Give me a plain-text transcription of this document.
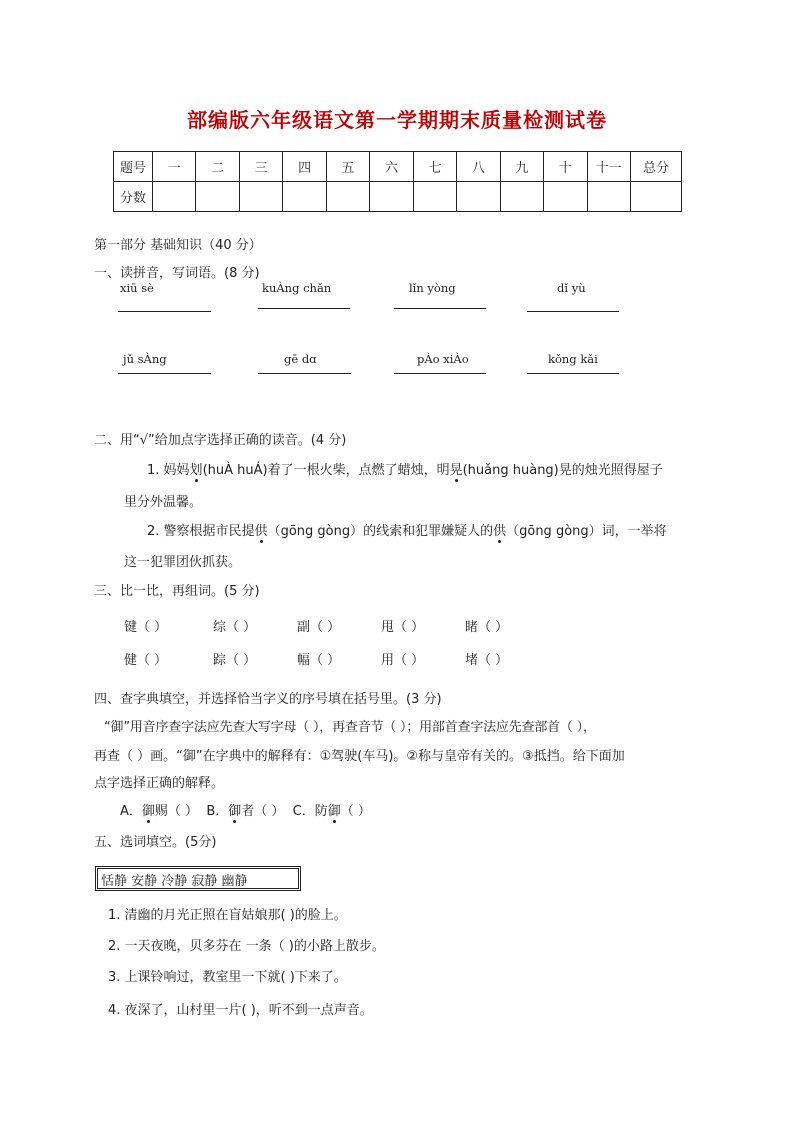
部编版六年级语文第一学期期末质量检测试卷
题号	一	二	三	四	五	六	七	八	九	十	十一	总分
分数												
第一部分 基础知识（40 分）
一、读拼音，写词语。(8 分)
xiū sè	kuÀng chǎn	lǐn yòng	dǐ yù
jǔ sÀng	gē dɑ	pÀo xiÀo	kǒng kǎi
二、用“√”给加点字选择正确的读音。(4 分)
1. 妈妈划(huÀ huÁ)着了一根火柴，点燃了蜡烛，明晃(huǎng huàng)晃的烛光照得屋子
里分外温馨。
2. 警察根据市民提供（gōng gòng）的线索和犯罪嫌疑人的供（gōng gòng）词，一举将
这一犯罪团伙抓获。
三、比一比，再组词。(5 分)
键（ ）	综（ ）	副（ ）	甩（ ）	睹（ ）
健（ ）	踪（ ）	幅（ ）	用（ ）	堵（ ）
四、查字典填空，并选择恰当字义的序号填在括号里。(3 分)
“御”用音序查字法应先查大写字母（ ），再查音节（ ）；用部首查字法应先查部首（ ），
再查（ ）画。“御”在字典中的解释有：①驾驶(车马)。②称与皇帝有关的。③抵挡。给下面加
点字选择正确的解释。
A．御赐（ ） B．御者（ ） C．防御（ ）
五、选词填空。(5分)
恬静 安静 冷静 寂静 幽静
1. 清幽的月光正照在盲姑娘那( )的脸上。
2. 一天夜晚，贝多芬在 一条（ )的小路上散步。
3. 上课铃响过，教室里一下就( )下来了。
4. 夜深了，山村里一片( )，听不到一点声音。
